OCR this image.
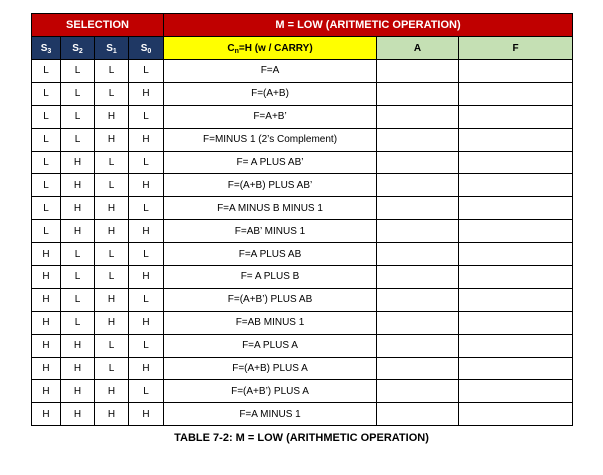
SELECTION				M = LOW (ARITMETIC OPERATION)		
$S_3$	$S_2$	$S_1$	$S_0$	$C_n=H$ (w / CARRY)	A	F
L	L	L	L	F=A		
L	L	L	H	F=(A+B)		
L	L	H	L	F=A+B’		
L	L	H	H	F=MINUS 1 (2’s Complement)		
L	H	L	L	F= A PLUS AB’		
L	H	L	H	F=(A+B) PLUS AB’		
L	H	H	L	F=A MINUS B MINUS 1		
L	H	H	H	F=AB’ MINUS 1		
H	L	L	L	F=A PLUS AB		
H	L	L	H	F= A PLUS B		
H	L	H	L	F=(A+B’) PLUS AB		
H	L	H	H	F=AB MINUS 1		
H	H	L	L	F=A PLUS A		
H	H	L	H	F=(A+B) PLUS A		
H	H	H	L	F=(A+B’) PLUS A		
H	H	H	H	F=A MINUS 1		
TABLE 7-2: M = LOW (ARITHMETIC OPERATION)
